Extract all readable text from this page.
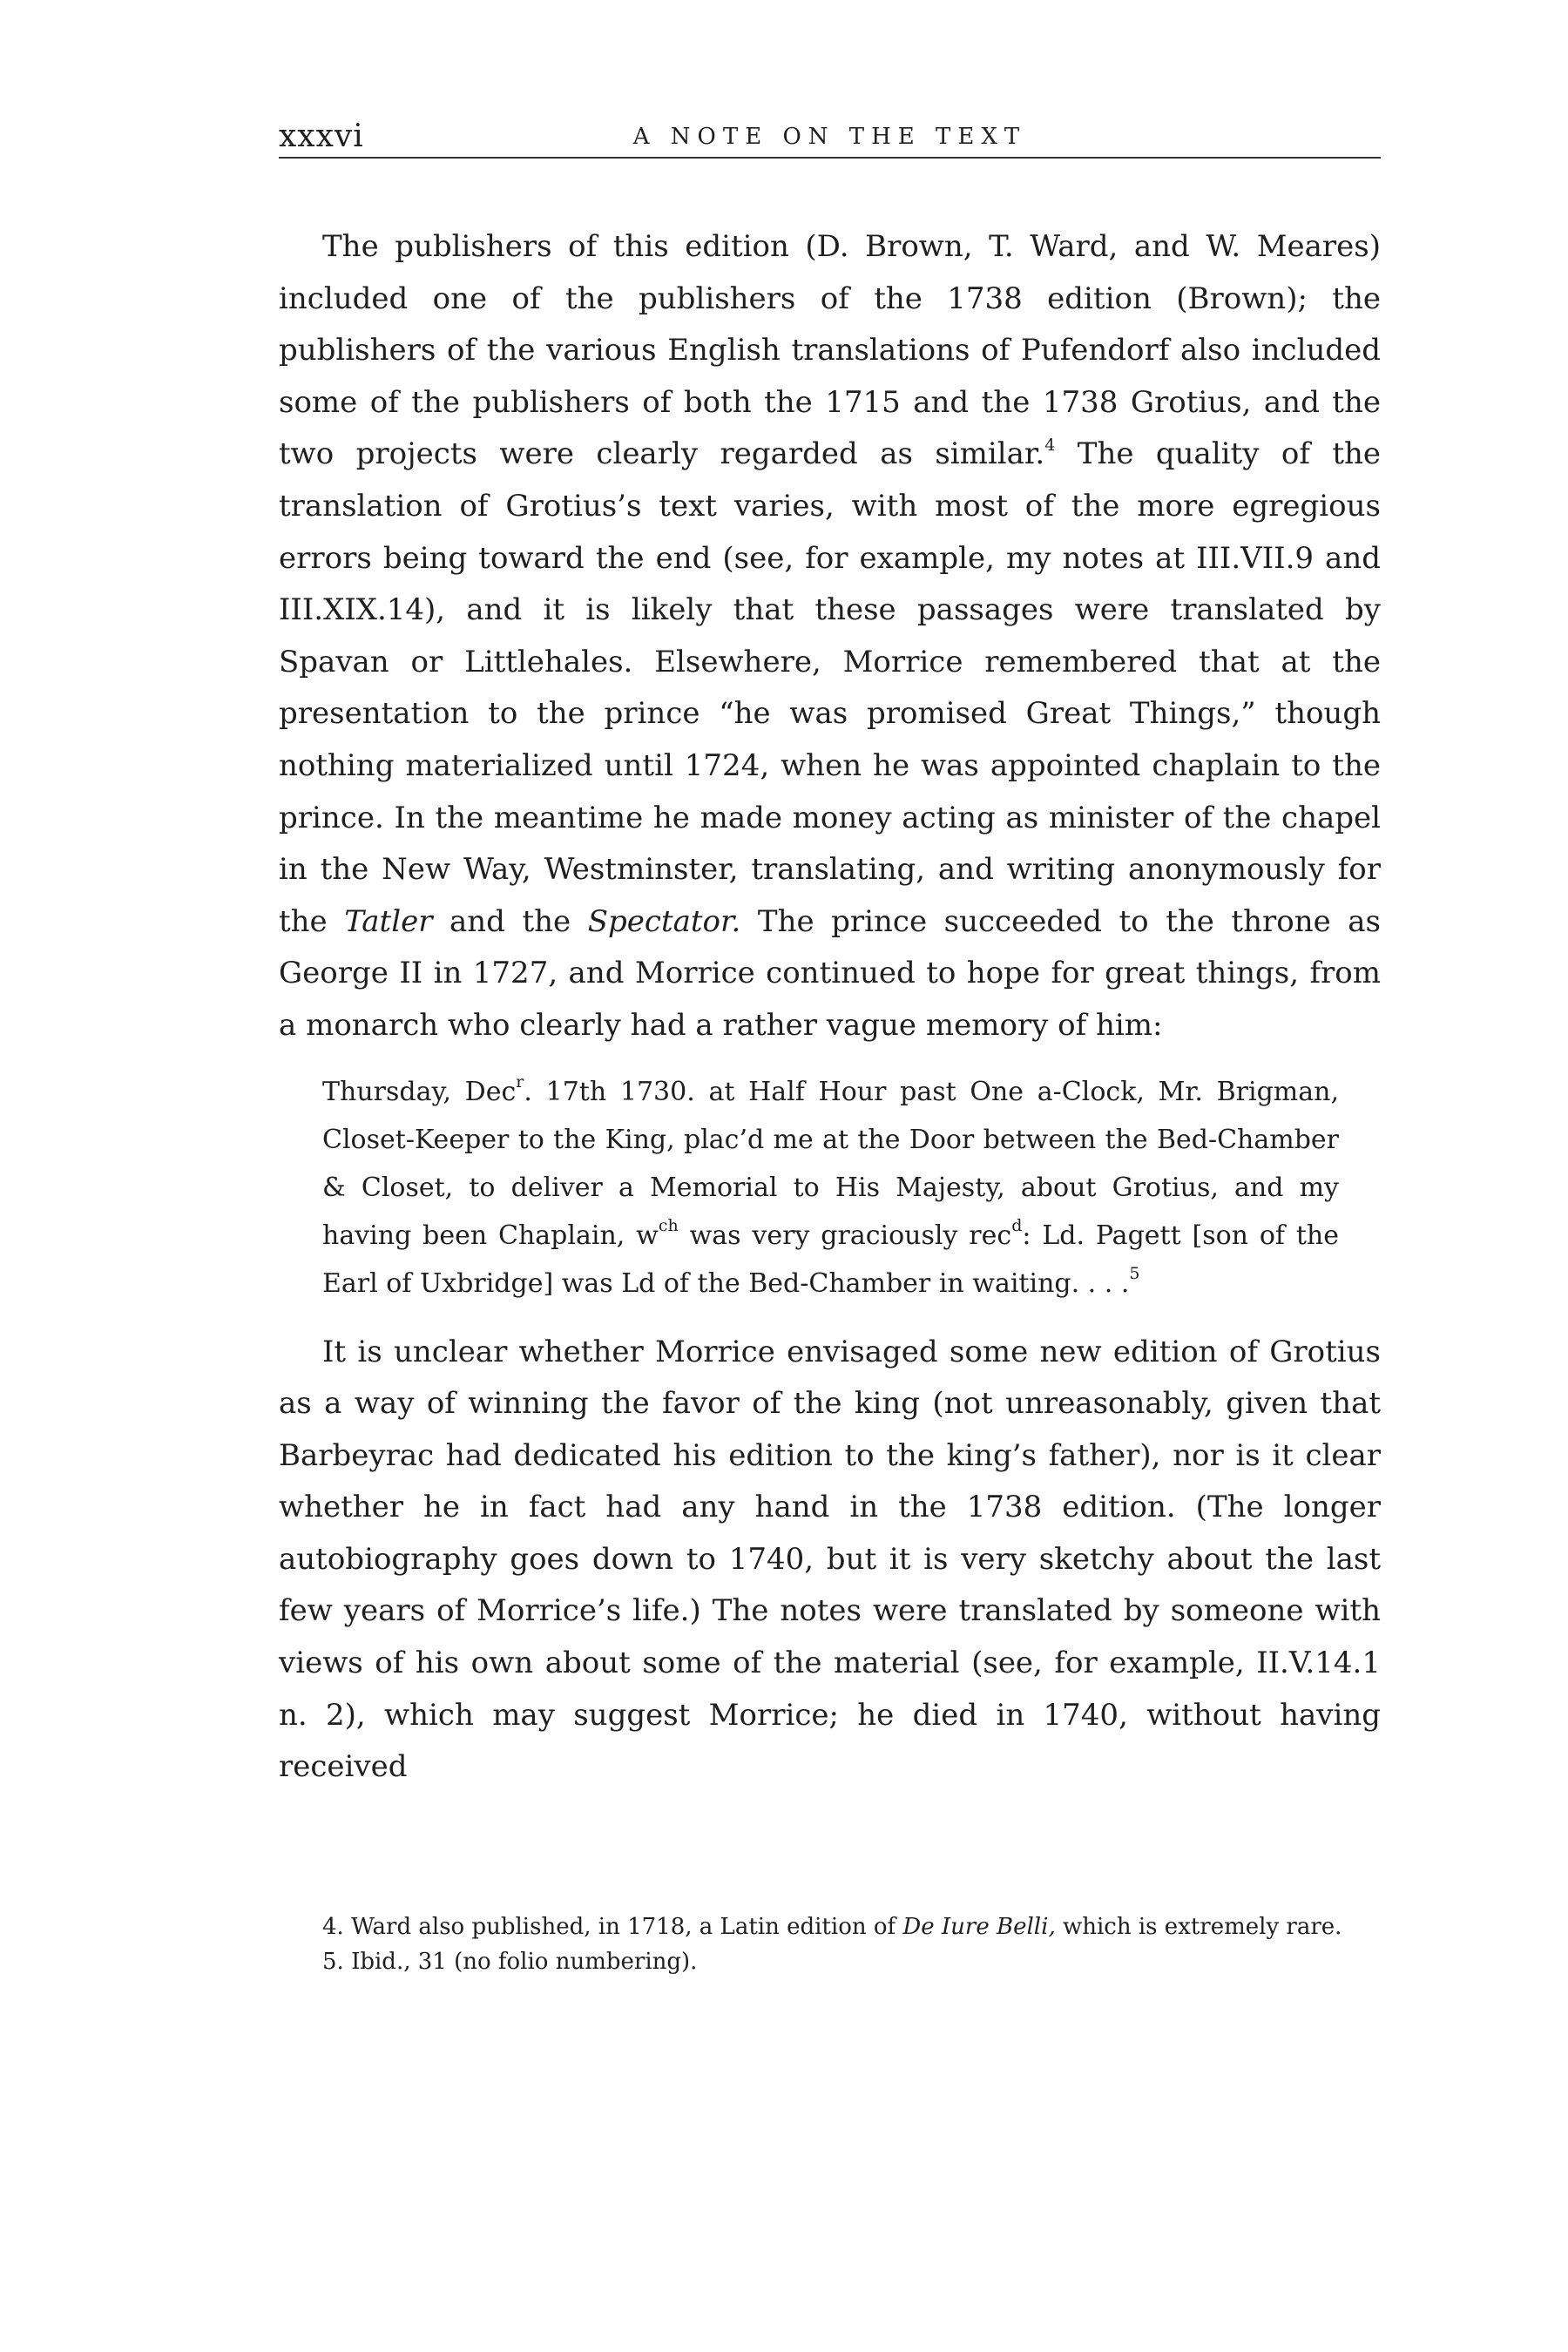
xxxvi	A NOTE ON THE TEXT

The publishers of this edition (D. Brown, T. Ward, and W. Meares) included one of the publishers of the 1738 edition (Brown); the publishers of the various English translations of Pufendorf also included some of the publishers of both the 1715 and the 1738 Grotius, and the two projects were clearly regarded as similar.$^4$ The quality of the translation of Grotius’s text varies, with most of the more egregious errors being toward the end (see, for example, my notes at III.VII.9 and III.XIX.14), and it is likely that these passages were translated by Spavan or Littlehales. Elsewhere, Morrice remembered that at the presentation to the prince “he was promised Great Things,” though nothing materialized until 1724, when he was appointed chaplain to the prince. In the meantime he made money acting as minister of the chapel in the New Way, Westminster, translating, and writing anonymously for the Tatler and the Spectator. The prince succeeded to the throne as George II in 1727, and Morrice continued to hope for great things, from a monarch who clearly had a rather vague memory of him:

Thursday, Dec$^r$. 17th 1730. at Half Hour past One a-Clock, Mr. Brigman, Closet-Keeper to the King, plac’d me at the Door between the Bed-Chamber & Closet, to deliver a Memorial to His Majesty, about Grotius, and my having been Chaplain, $w^{ch}$ was very graciously rec$^d$: Ld. Pagett [son of the Earl of Uxbridge] was Ld of the Bed-Chamber in waiting. . . .$^5$

It is unclear whether Morrice envisaged some new edition of Grotius as a way of winning the favor of the king (not unreasonably, given that Barbeyrac had dedicated his edition to the king’s father), nor is it clear whether he in fact had any hand in the 1738 edition. (The longer autobiography goes down to 1740, but it is very sketchy about the last few years of Morrice’s life.) The notes were translated by someone with views of his own about some of the material (see, for example, II.V.14.1 n. 2), which may suggest Morrice; he died in 1740, without having received

4. Ward also published, in 1718, a Latin edition of De Iure Belli, which is extremely rare.

5. Ibid., 31 (no folio numbering).
